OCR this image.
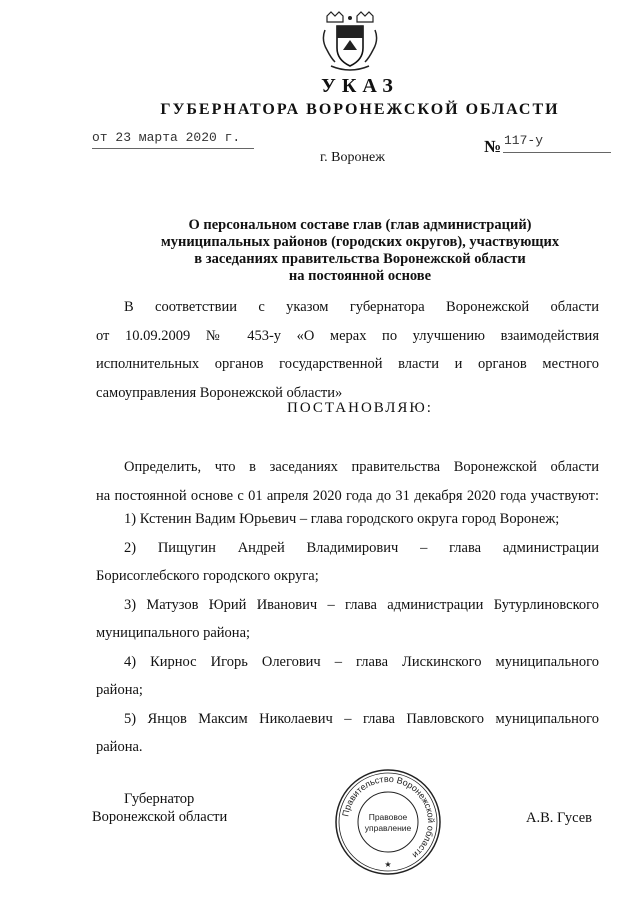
УКАЗ
ГУБЕРНАТОРА ВОРОНЕЖСКОЙ ОБЛАСТИ
от 23 марта 2020 г.	№ 117-у
г. Воронеж
О персональном составе глав (глав администраций)
муниципальных районов (городских округов), участвующих
в заседаниях правительства Воронежской области
на постоянной основе
В соответствии с указом губернатора Воронежской области
от 10.09.2009 № 453-у «О мерах по улучшению взаимодействия
исполнительных органов государственной власти и органов местного
самоуправления Воронежской области»
ПОСТАНОВЛЯЮ:
Определить, что в заседаниях правительства Воронежской области
на постоянной основе с 01 апреля 2020 года до 31 декабря 2020 года участвуют:
1) Кстенин Вадим Юрьевич – глава городского округа город Воронеж;
2) Пищугин Андрей Владимирович – глава администрации
Борисоглебского городского округа;
3) Матузов Юрий Иванович – глава администрации Бутурлиновского
муниципального района;
4) Кирнос Игорь Олегович – глава Лискинского муниципального
района;
5) Янцов Максим Николаевич – глава Павловского муниципального
района.
Губернатор
Воронежской области	Правительство Воронежской области
Правовое
управление
★
А.В. Гусев
